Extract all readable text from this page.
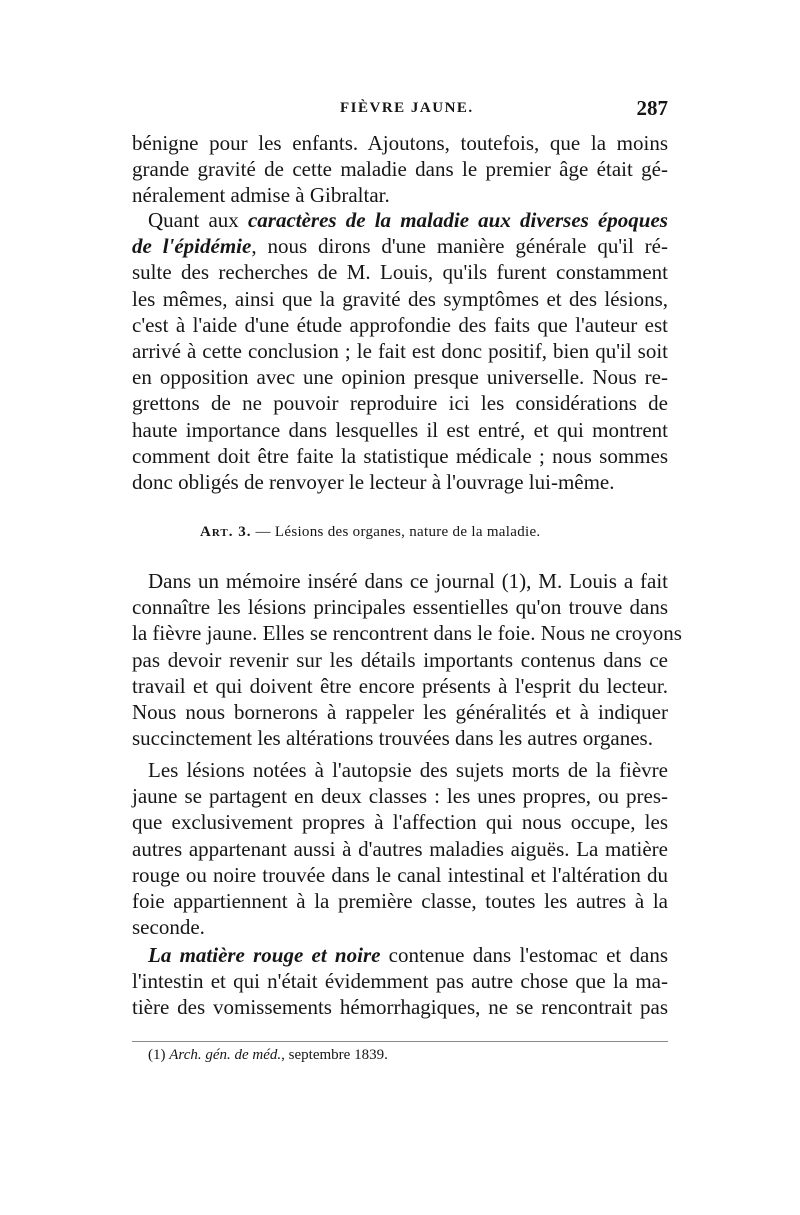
FIÈVRE JAUNE.	287

bénigne pour les enfants. Ajoutons, toutefois, que la moins
grande gravité de cette maladie dans le premier âge était gé-
néralement admise à Gibraltar.

Quant aux caractères de la maladie aux diverses époques
de l'épidémie, nous dirons d'une manière générale qu'il ré-
sulte des recherches de M. Louis, qu'ils furent constamment
les mêmes, ainsi que la gravité des symptômes et des lésions,
c'est à l'aide d'une étude approfondie des faits que l'auteur est
arrivé à cette conclusion ; le fait est donc positif, bien qu'il soit
en opposition avec une opinion presque universelle. Nous re-
grettons de ne pouvoir reproduire ici les considérations de
haute importance dans lesquelles il est entré, et qui montrent
comment doit être faite la statistique médicale ; nous sommes
donc obligés de renvoyer le lecteur à l'ouvrage lui-même.

Art. 3. — Lésions des organes, nature de la maladie.

Dans un mémoire inséré dans ce journal (1), M. Louis a fait
connaître les lésions principales essentielles qu'on trouve dans
la fièvre jaune. Elles se rencontrent dans le foie. Nous ne croyons
pas devoir revenir sur les détails importants contenus dans ce
travail et qui doivent être encore présents à l'esprit du lecteur.
Nous nous bornerons à rappeler les généralités et à indiquer
succinctement les altérations trouvées dans les autres organes.

Les lésions notées à l'autopsie des sujets morts de la fièvre
jaune se partagent en deux classes : les unes propres, ou pres-
que exclusivement propres à l'affection qui nous occupe, les
autres appartenant aussi à d'autres maladies aiguës. La matière
rouge ou noire trouvée dans le canal intestinal et l'altération du
foie appartiennent à la première classe, toutes les autres à la
seconde.

La matière rouge et noire contenue dans l'estomac et dans
l'intestin et qui n'était évidemment pas autre chose que la ma-
tière des vomissements hémorrhagiques, ne se rencontrait pas

(1) Arch. gén. de méd., septembre 1839.
